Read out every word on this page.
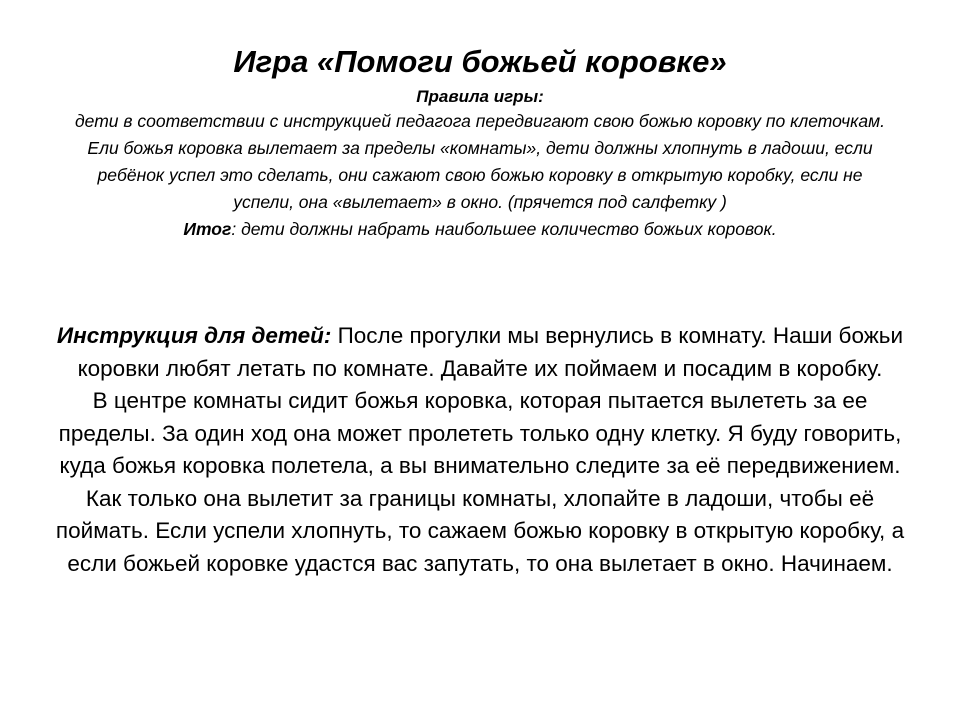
Игра «Помоги божьей коровке»

Правила игры:

дети в соответствии с инструкцией педагога передвигают свою божью коровку по клеточкам. Ели божья коровка вылетает за пределы «комнаты», дети должны хлопнуть в ладоши, если ребёнок успел это сделать, они сажают свою божью коровку в открытую коробку, если не успели, она «вылетает» в окно. (прячется под салфетку )

Итог: дети должны набрать наибольшее количество божьих коровок.

Инструкция для детей: После прогулки мы вернулись в комнату. Наши божьи коровки любят летать по комнате. Давайте их поймаем и посадим в коробку.

В центре комнаты сидит божья коровка, которая пытается вылететь за ее пределы. За один ход она может пролететь только одну клетку. Я буду говорить, куда божья коровка полетела, а вы внимательно следите за её передвижением. Как только она вылетит за границы комнаты, хлопайте в ладоши, чтобы её поймать. Если успели хлопнуть, то сажаем божью коровку в открытую коробку, а если божьей коровке удастся вас запутать, то она вылетает в окно. Начинаем.
